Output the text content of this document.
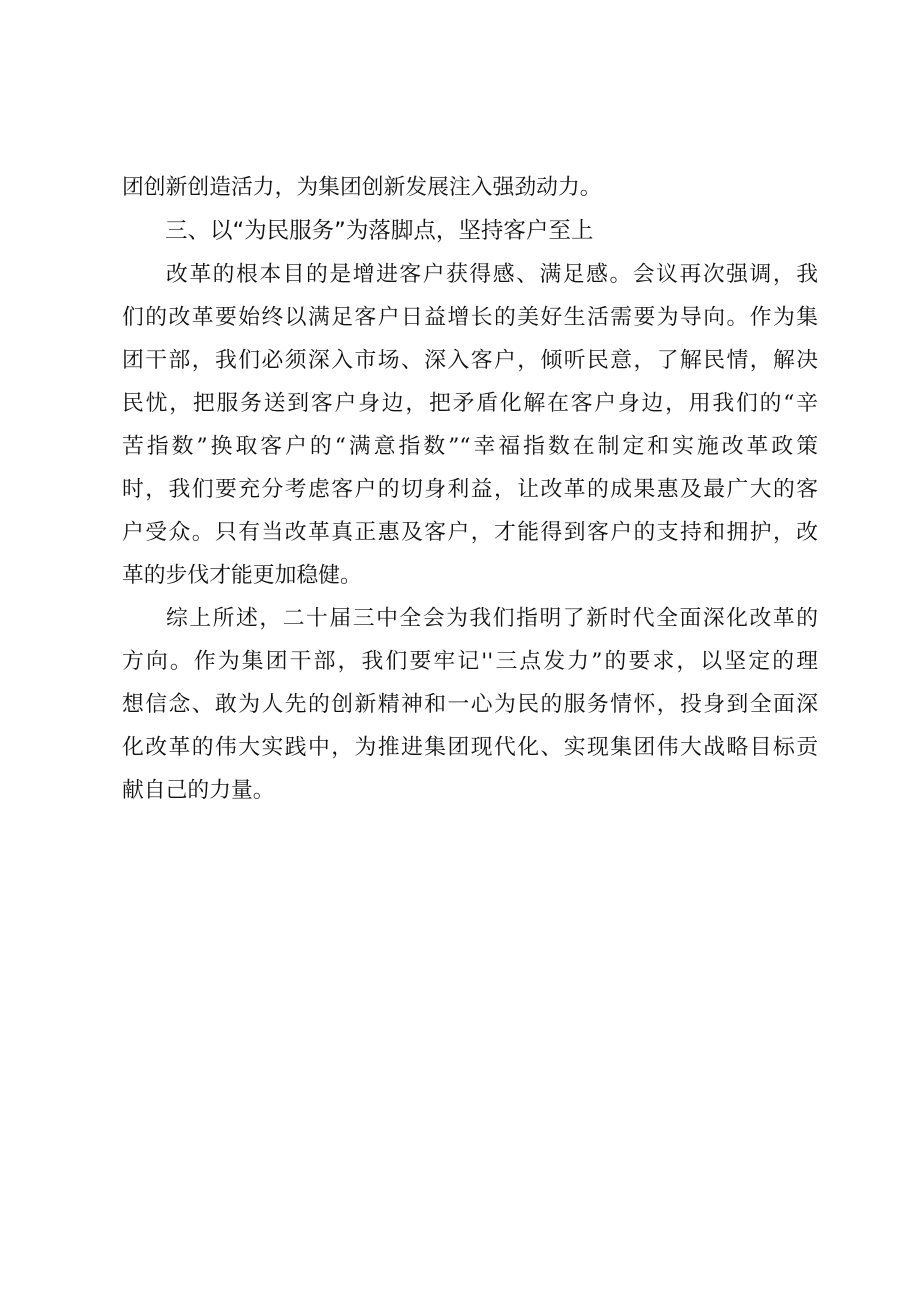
团创新创造活力，为集团创新发展注入强劲动力。
三、以“为民服务”为落脚点，坚持客户至上
改革的根本目的是增进客户获得感、满足感。会议再次强调，我
们的改革要始终以满足客户日益增长的美好生活需要为导向。作为集
团干部，我们必须深入市场、深入客户，倾听民意，了解民情，解决
民忧，把服务送到客户身边，把矛盾化解在客户身边，用我们的“辛
苦指数”换取客户的“满意指数”“幸福指数在制定和实施改革政策
时，我们要充分考虑客户的切身利益，让改革的成果惠及最广大的客
户受众。只有当改革真正惠及客户，才能得到客户的支持和拥护，改
革的步伐才能更加稳健。
综上所述，二十届三中全会为我们指明了新时代全面深化改革的
方向。作为集团干部，我们要牢记''三点发力”的要求，以坚定的理
想信念、敢为人先的创新精神和一心为民的服务情怀，投身到全面深
化改革的伟大实践中，为推进集团现代化、实现集团伟大战略目标贡
献自己的力量。
